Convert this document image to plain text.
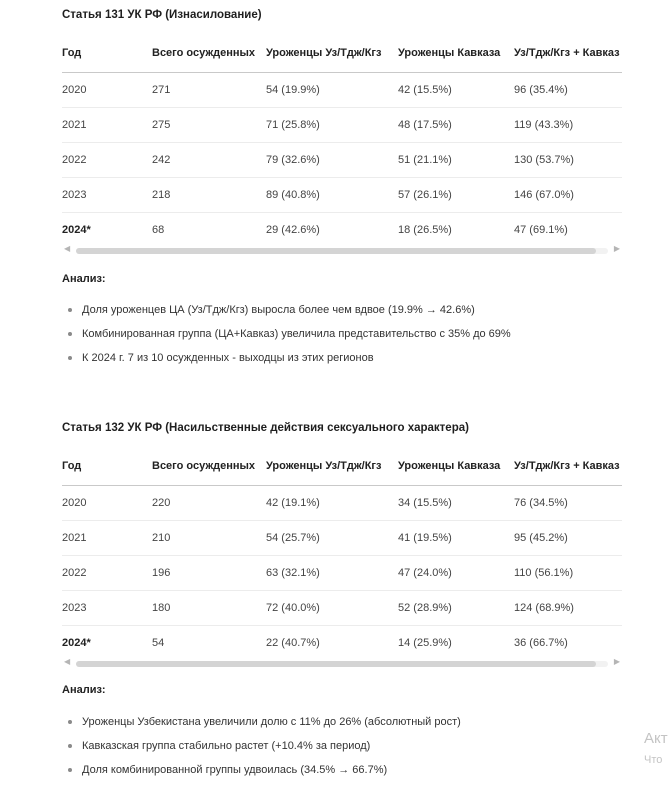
Статья 131 УК РФ (Изнасилование)
Год	Всего осужденных	Уроженцы Уз/Тдж/Кгз	Уроженцы Кавказа	Уз/Тдж/Кгз + Кавказ
2020	271	54 (19.9%)	42 (15.5%)	96 (35.4%)
2021	275	71 (25.8%)	48 (17.5%)	119 (43.3%)
2022	242	79 (32.6%)	51 (21.1%)	130 (53.7%)
2023	218	89 (40.8%)	57 (26.1%)	146 (67.0%)
2024*	68	29 (42.6%)	18 (26.5%)	47 (69.1%)
◀	▶
Анализ:
Доля уроженцев ЦА (Уз/Тдж/Кгз) выросла более чем вдвое (19.9% → 42.6%)
Комбинированная группа (ЦА+Кавказ) увеличила представительство с 35% до 69%
К 2024 г. 7 из 10 осужденных - выходцы из этих регионов
Статья 132 УК РФ (Насильственные действия сексуального характера)
Год	Всего осужденных	Уроженцы Уз/Тдж/Кгз	Уроженцы Кавказа	Уз/Тдж/Кгз + Кавказ
2020	220	42 (19.1%)	34 (15.5%)	76 (34.5%)
2021	210	54 (25.7%)	41 (19.5%)	95 (45.2%)
2022	196	63 (32.1%)	47 (24.0%)	110 (56.1%)
2023	180	72 (40.0%)	52 (28.9%)	124 (68.9%)
2024*	54	22 (40.7%)	14 (25.9%)	36 (66.7%)
◀	▶
Анализ:
Уроженцы Узбекистана увеличили долю с 11% до 26% (абсолютный рост)
Кавказская группа стабильно растет (+10.4% за период)
Доля комбинированной группы удвоилась (34.5% → 66.7%)
Акт
Что
